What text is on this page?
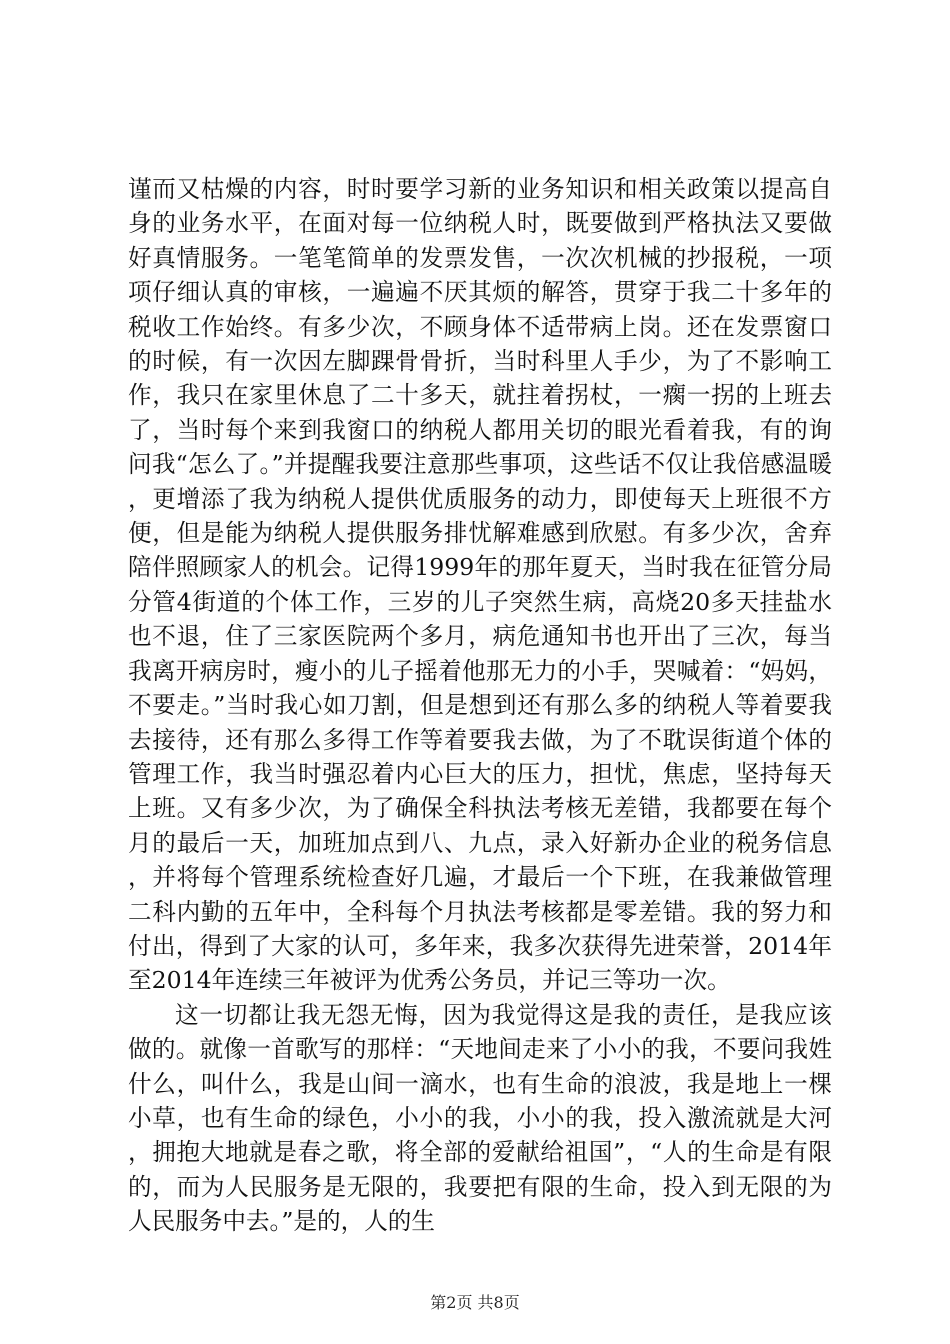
谨而又枯燥的内容，时时要学习新的业务知识和相关政策以提高自身的业务水平，在面对每一位纳税人时，既要做到严格执法又要做好真情服务。一笔笔简单的发票发售，一次次机械的抄报税，一项项仔细认真的审核，一遍遍不厌其烦的解答，贯穿于我二十多年的税收工作始终。有多少次，不顾身体不适带病上岗。还在发票窗口的时候，有一次因左脚踝骨骨折，当时科里人手少，为了不影响工作，我只在家里休息了二十多天，就拄着拐杖，一瘸一拐的上班去了，当时每个来到我窗口的纳税人都用关切的眼光看着我，有的询问我“怎么了。”并提醒我要注意那些事项，这些话不仅让我倍感温暖，更增添了我为纳税人提供优质服务的动力，即使每天上班很不方便，但是能为纳税人提供服务排忧解难感到欣慰。有多少次，舍弃陪伴照顾家人的机会。记得1999年的那年夏天，当时我在征管分局分管4街道的个体工作，三岁的儿子突然生病，高烧20多天挂盐水也不退，住了三家医院两个多月，病危通知书也开出了三次，每当我离开病房时，瘦小的儿子摇着他那无力的小手，哭喊着：“妈妈，不要走。”当时我心如刀割，但是想到还有那么多的纳税人等着要我去接待，还有那么多得工作等着要我去做，为了不耽误街道个体的管理工作，我当时强忍着内心巨大的压力，担忧，焦虑，坚持每天上班。又有多少次，为了确保全科执法考核无差错，我都要在每个月的最后一天，加班加点到八、九点，录入好新办企业的税务信息，并将每个管理系统检查好几遍，才最后一个下班，在我兼做管理二科内勤的五年中，全科每个月执法考核都是零差错。我的努力和付出，得到了大家的认可，多年来，我多次获得先进荣誉，2014年至2014年连续三年被评为优秀公务员，并记三等功一次。

这一切都让我无怨无悔，因为我觉得这是我的责任，是我应该做的。就像一首歌写的那样：“天地间走来了小小的我，不要问我姓什么，叫什么，我是山间一滴水，也有生命的浪波，我是地上一棵小草，也有生命的绿色，小小的我，小小的我，投入激流就是大河，拥抱大地就是春之歌，将全部的爱献给祖国”，“人的生命是有限的，而为人民服务是无限的，我要把有限的生命，投入到无限的为人民服务中去。”是的，人的生

第2页 共8页
